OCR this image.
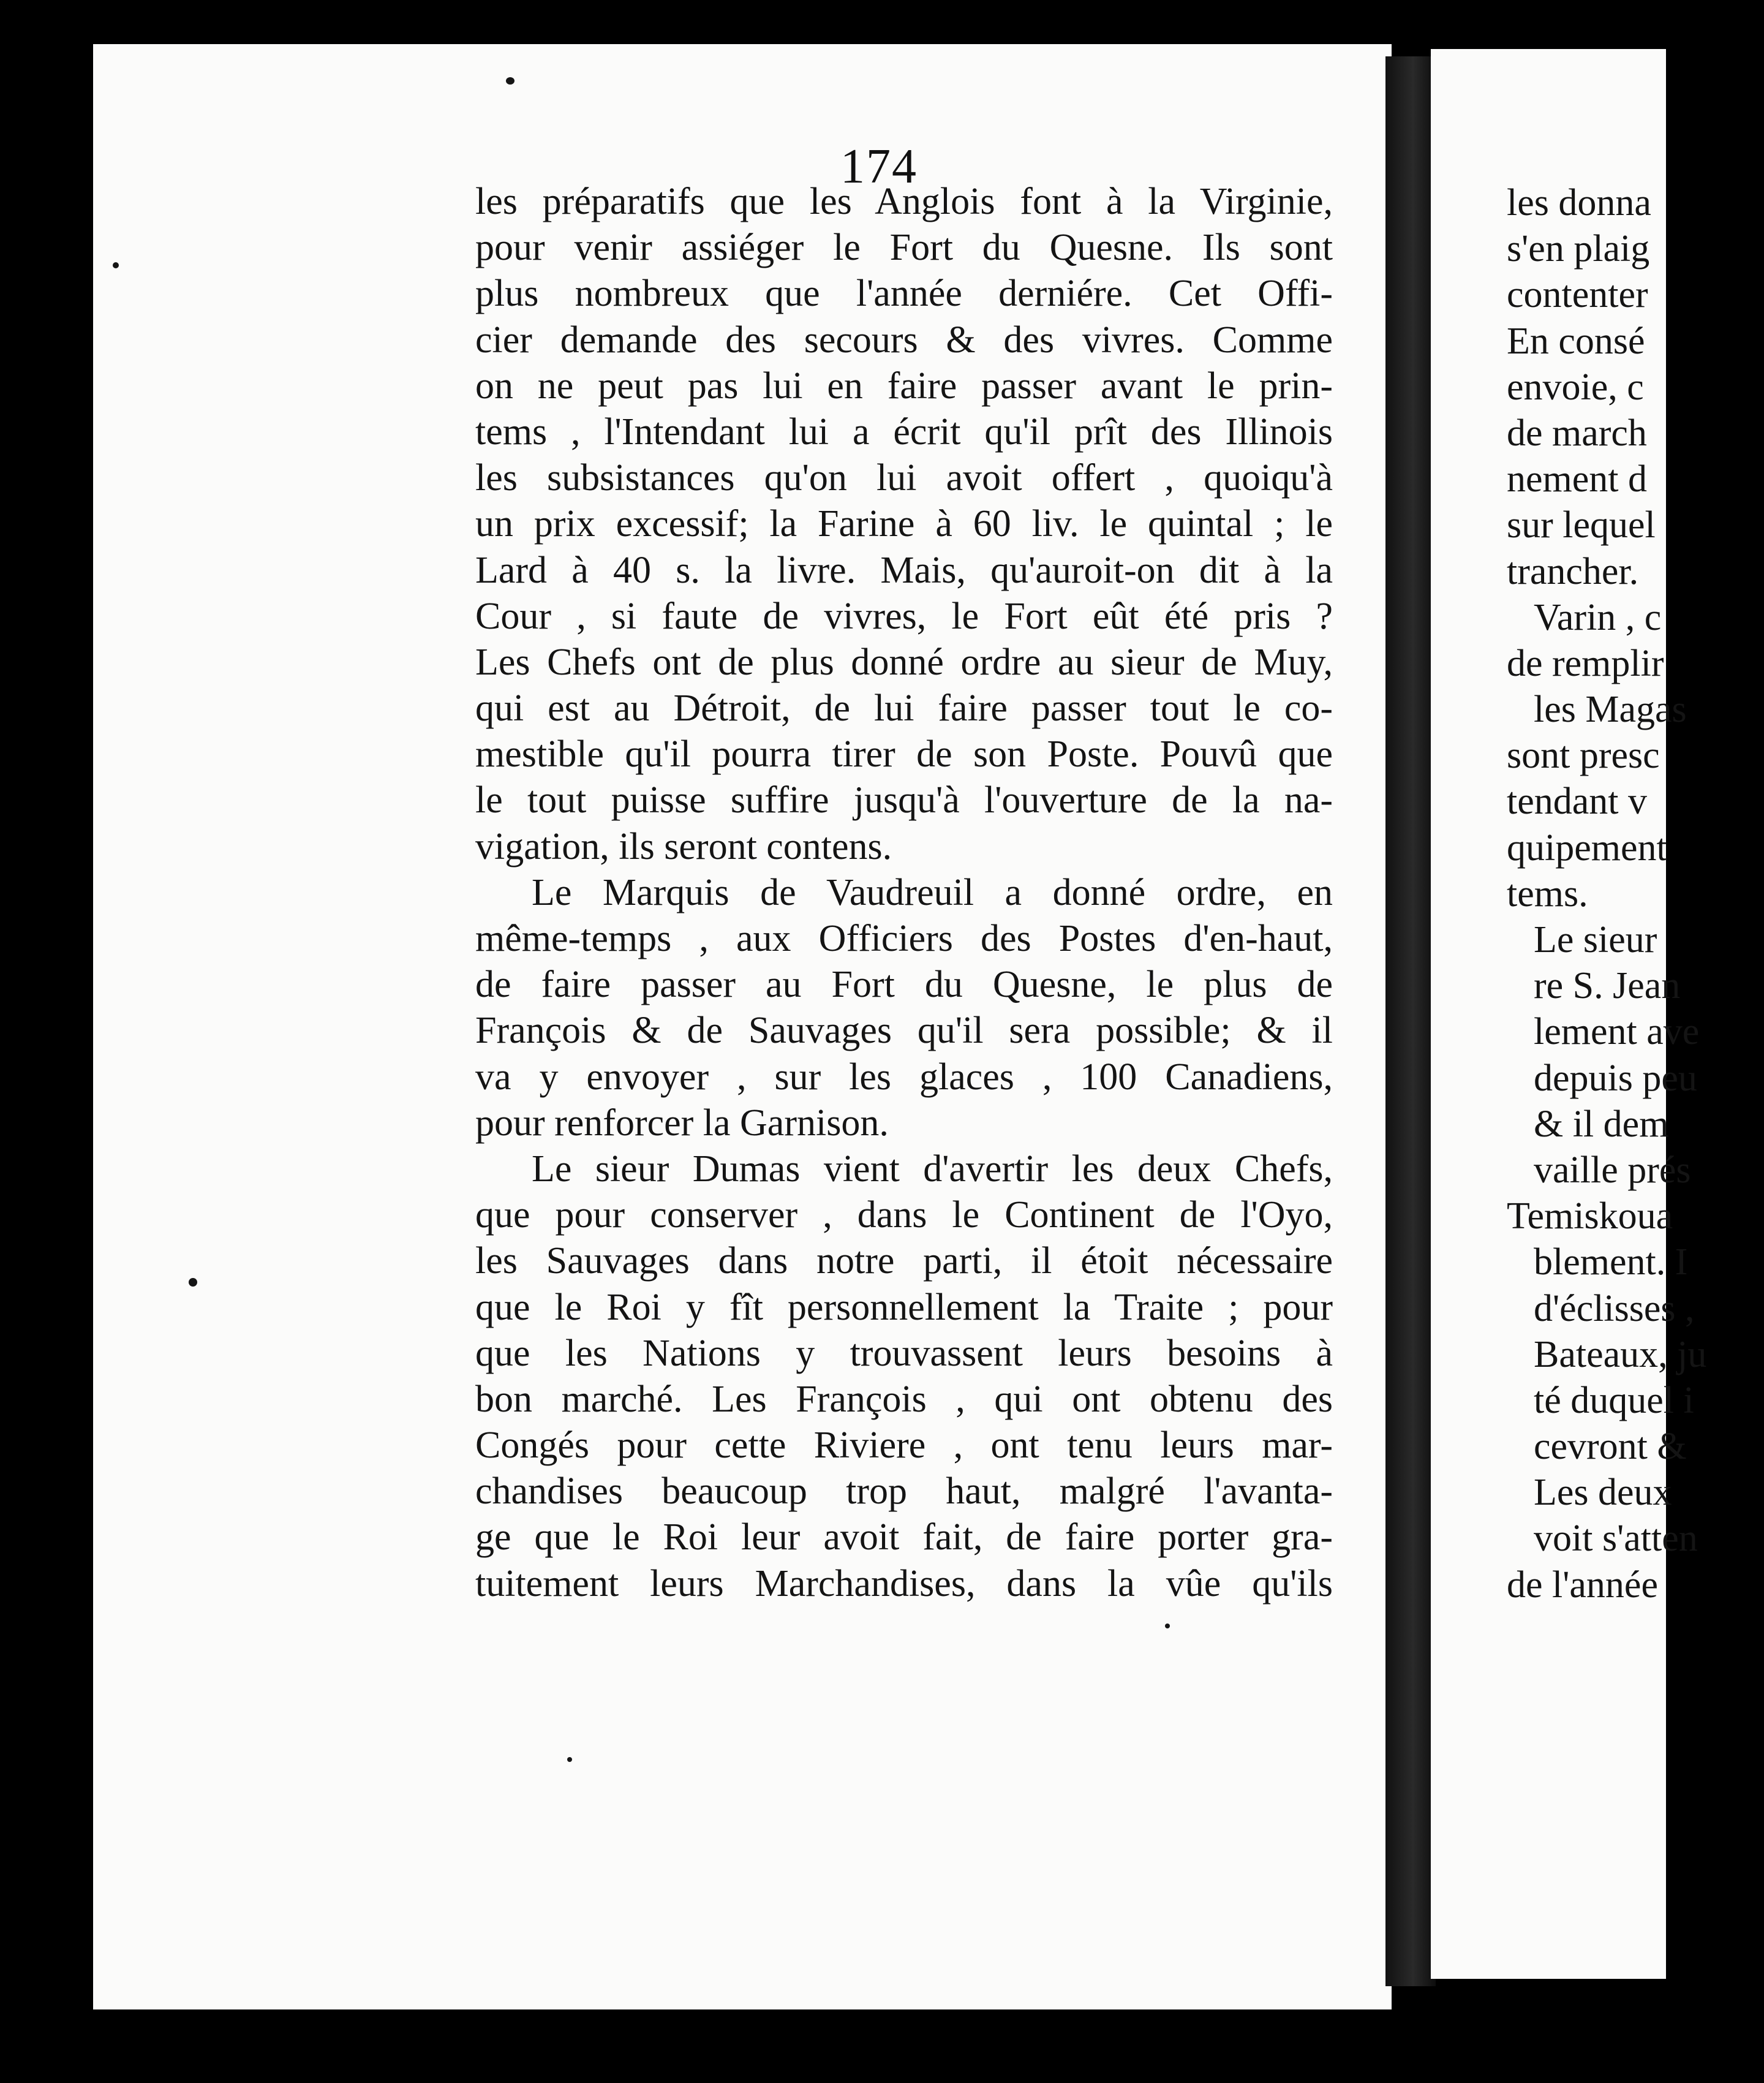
les donna
s'en plaig
contenter
En consé
envoie, c
de march
nement d
sur lequel
trancher.
Varin , c
de remplir
les Magas
sont presc
tendant v
quipement
tems.
Le sieur
re S. Jean
lement ave
depuis peu
& il dem
vaille prés
Temiskoua
blement. I
d'éclisses ,
Bateaux, ju
té duquel i
cevront &
Les deux
voit s'atten
de l'année
174
les préparatifs que les Anglois font à la Virginie,
pour venir assiéger le Fort du Quesne. Ils sont
plus nombreux que l'année derniére. Cet Offi-
cier demande des secours & des vivres. Comme
on ne peut pas lui en faire passer avant le prin-
tems , l'Intendant lui a écrit qu'il prît des Illinois
les subsistances qu'on lui avoit offert , quoiqu'à
un prix excessif; la Farine à 60 liv. le quintal ; le
Lard à 40 s. la livre. Mais, qu'auroit-on dit à la
Cour , si faute de vivres, le Fort eût été pris ?
Les Chefs ont de plus donné ordre au sieur de Muy,
qui est au Détroit, de lui faire passer tout le co-
mestible qu'il pourra tirer de son Poste. Pouvû que
le tout puisse suffire jusqu'à l'ouverture de la na-
vigation, ils seront contens.
Le Marquis de Vaudreuil a donné ordre, en
même-temps , aux Officiers des Postes d'en-haut,
de faire passer au Fort du Quesne, le plus de
François & de Sauvages qu'il sera possible; & il
va y envoyer , sur les glaces , 100 Canadiens,
pour renforcer la Garnison.
Le sieur Dumas vient d'avertir les deux Chefs,
que pour conserver , dans le Continent de l'Oyo,
les Sauvages dans notre parti, il étoit nécessaire
que le Roi y fît personnellement la Traite ; pour
que les Nations y trouvassent leurs besoins à
bon marché. Les François , qui ont obtenu des
Congés pour cette Riviere , ont tenu leurs mar-
chandises beaucoup trop haut, malgré l'avanta-
ge que le Roi leur avoit fait, de faire porter gra-
tuitement leurs Marchandises, dans la vûe qu'ils
